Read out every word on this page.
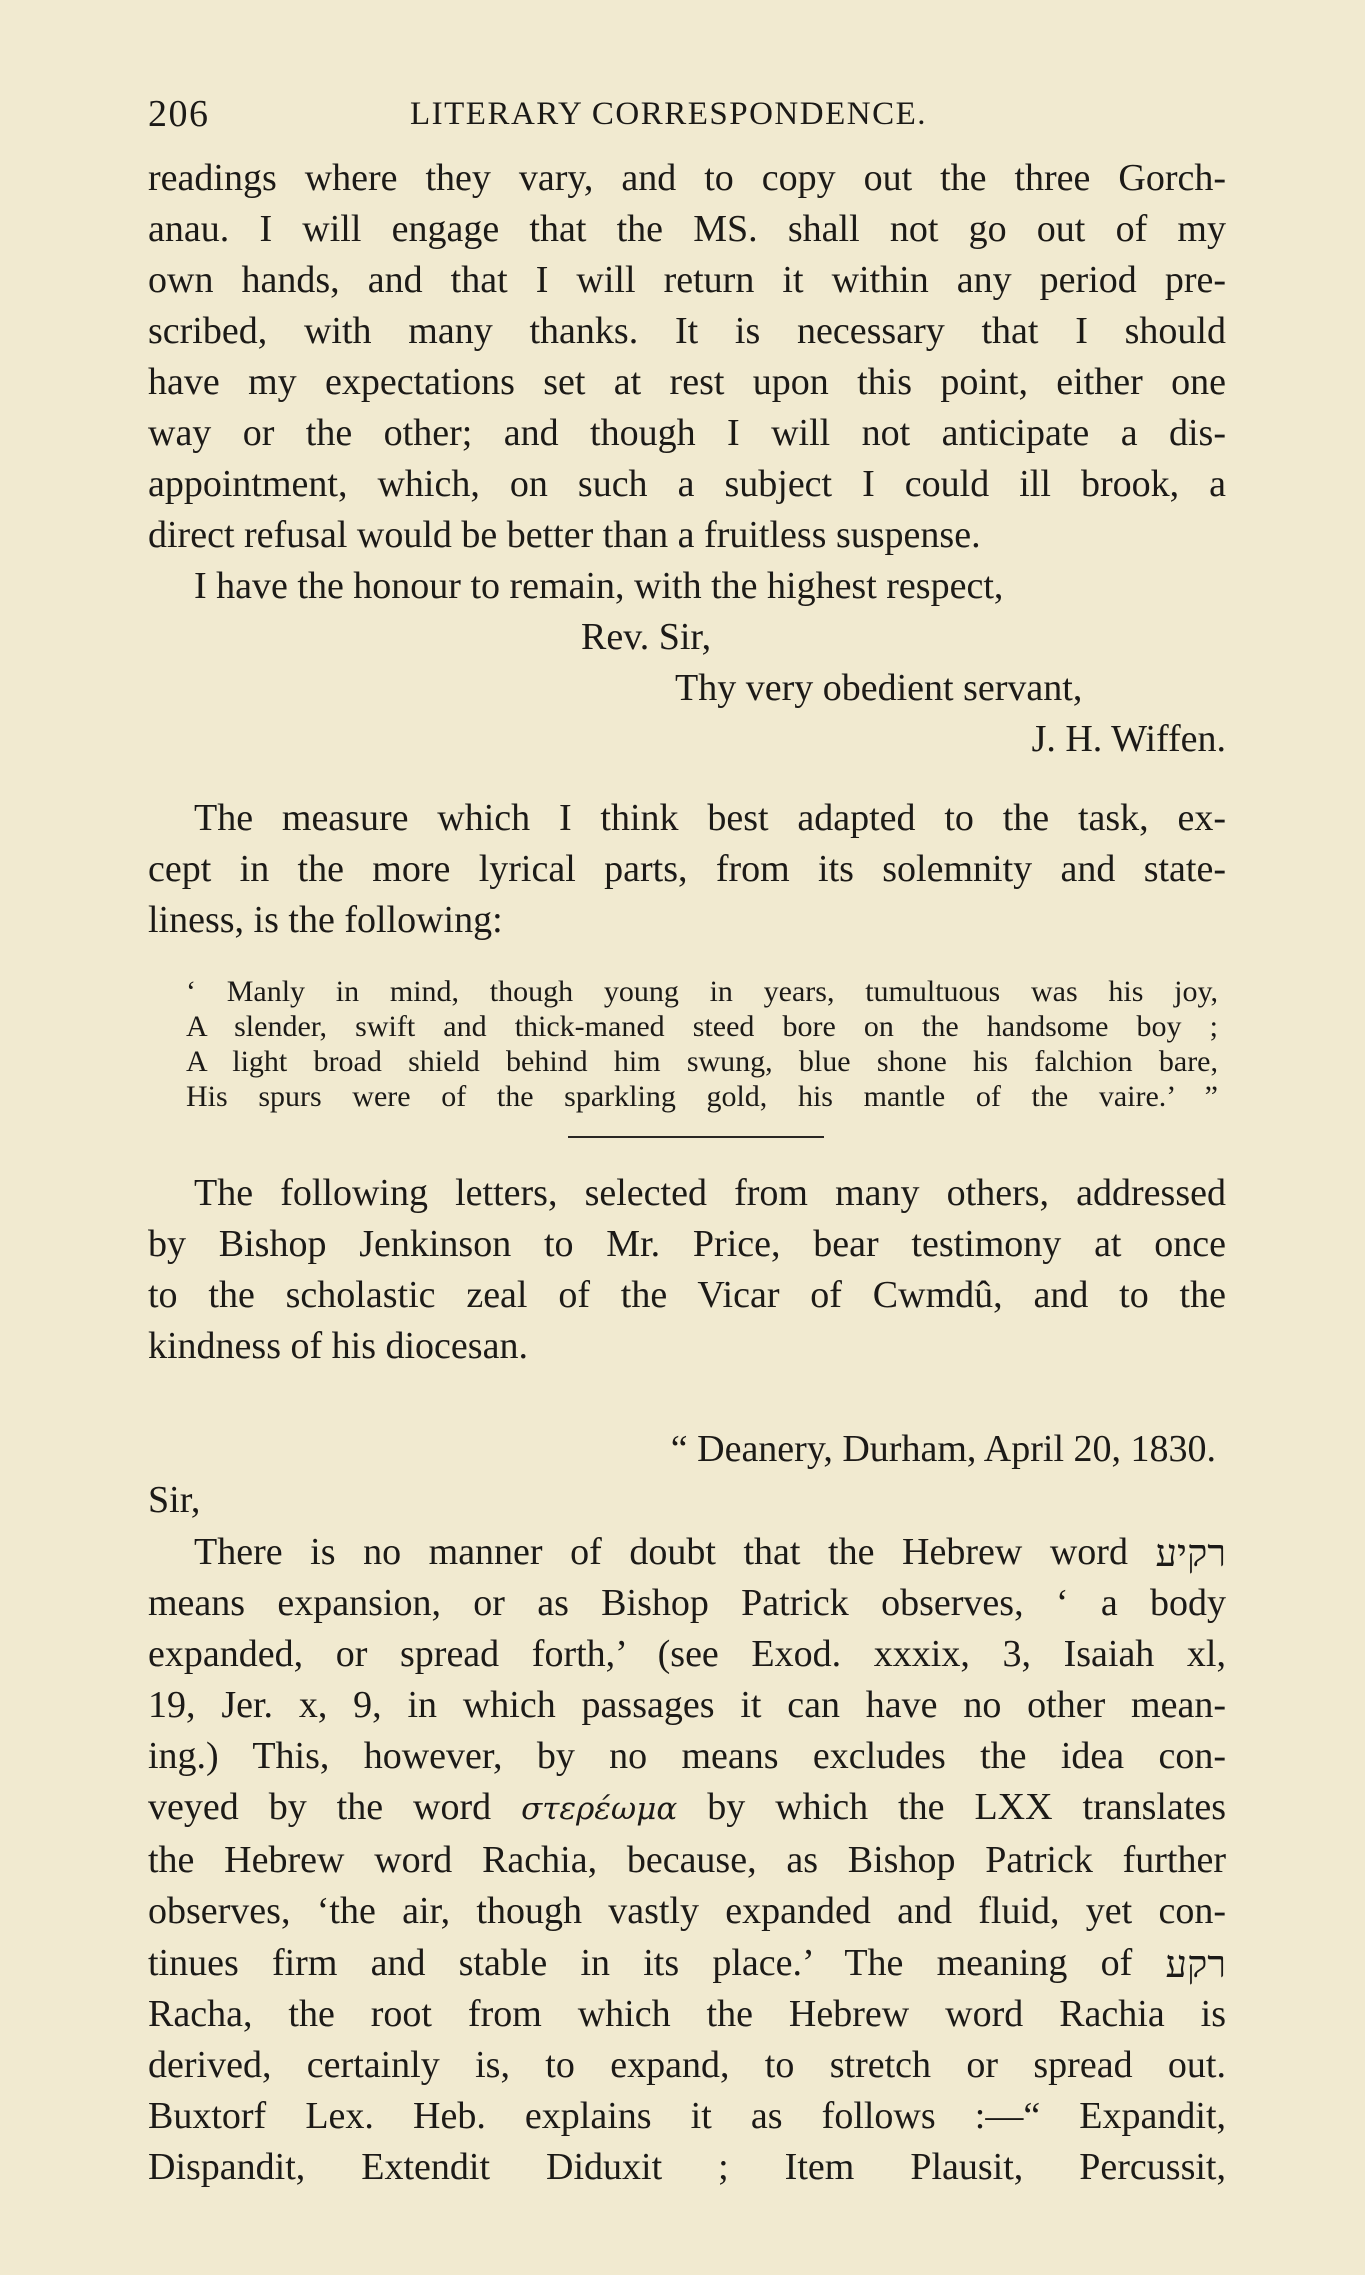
206	LITERARY CORRESPONDENCE.
readings where they vary, and to copy out the three Gorch-
anau. I will engage that the MS. shall not go out of my
own hands, and that I will return it within any period pre-
scribed, with many thanks. It is necessary that I should
have my expectations set at rest upon this point, either one
way or the other; and though I will not anticipate a dis-
appointment, which, on such a subject I could ill brook, a
direct refusal would be better than a fruitless suspense.
I have the honour to remain, with the highest respect,
Rev. Sir,
Thy very obedient servant,
J. H. Wiffen.
The measure which I think best adapted to the task, ex-
cept in the more lyrical parts, from its solemnity and state-
liness, is the following:
‘ Manly in mind, though young in years, tumultuous was his joy,
A slender, swift and thick-maned steed bore on the handsome boy ;
A light broad shield behind him swung, blue shone his falchion bare,
His spurs were of the sparkling gold, his mantle of the vaire.’ ”
The following letters, selected from many others, addressed
by Bishop Jenkinson to Mr. Price, bear testimony at once
to the scholastic zeal of the Vicar of Cwmdû, and to the
kindness of his diocesan.
“ Deanery, Durham, April 20, 1830.
Sir,
There is no manner of doubt that the Hebrew word רקיע
means expansion, or as Bishop Patrick observes, ‘ a body
expanded, or spread forth,’ (see Exod. xxxix, 3, Isaiah xl,
19, Jer. x, 9, in which passages it can have no other mean-
ing.) This, however, by no means excludes the idea con-
veyed by the word στερέωμα by which the LXX translates
the Hebrew word Rachia, because, as Bishop Patrick further
observes, ‘the air, though vastly expanded and fluid, yet con-
tinues firm and stable in its place.’ The meaning of רקע
Racha, the root from which the Hebrew word Rachia is
derived, certainly is, to expand, to stretch or spread out.
Buxtorf Lex. Heb. explains it as follows :—“ Expandit,
Dispandit, Extendit Diduxit ; Item Plausit, Percussit,
